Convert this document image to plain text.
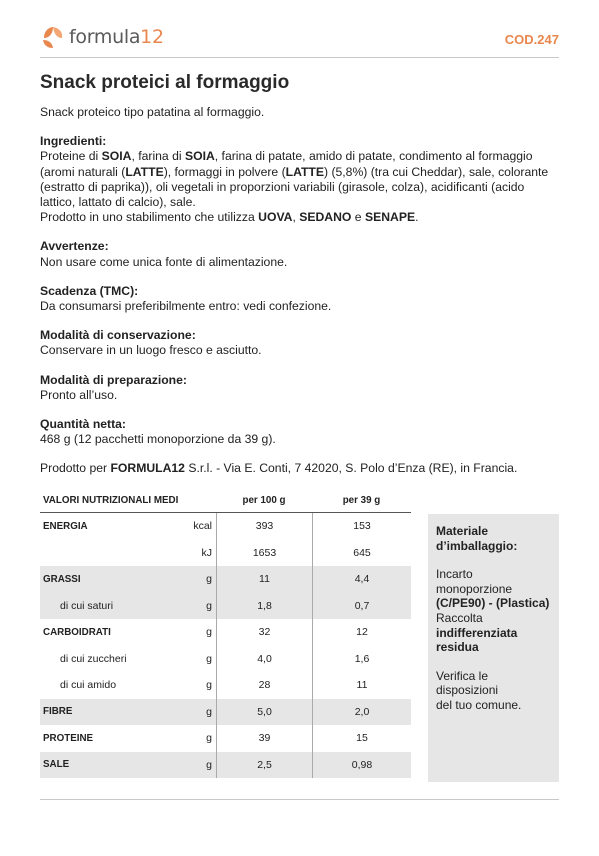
formula12	COD.247
Snack proteici al formaggio

Snack proteico tipo patatina al formaggio.

Ingredienti:

Proteine di SOIA, farina di SOIA, farina di patate, amido di patate, condimento al formaggio (aromi naturali (LATTE), formaggi in polvere (LATTE) (5,8%) (tra cui Cheddar), sale, colorante (estratto di paprika)), oli vegetali in proporzioni variabili (girasole, colza), acidificanti (acido lattico, lattato di calcio), sale.

Prodotto in uno stabilimento che utilizza UOVA, SEDANO e SENAPE.

Avvertenze:

Non usare come unica fonte di alimentazione.

Scadenza (TMC):

Da consumarsi preferibilmente entro: vedi confezione.

Modalità di conservazione:

Conservare in un luogo fresco e asciutto.

Modalità di preparazione:

Pronto all’uso.

Quantità netta:

468 g (12 pacchetti monoporzione da 39 g).

Prodotto per FORMULA12 S.r.l. - Via E. Conti, 7 42020, S. Polo d’Enza (RE), in Francia.

VALORI NUTRIZIONALI MEDI	per 100 g	per 39 g
ENERGIA	kcal	393	153
kJ	1653	645
GRASSI	g	11	4,4
di cui saturi	g	1,8	0,7
CARBOIDRATI	g	32	12
di cui zuccheri	g	4,0	1,6
di cui amido	g	28	11
FIBRE	g	5,0	2,0
PROTEINE	g	39	15
SALE	g	2,5	0,98
Materiale
d’imballaggio:
Incarto
monoporzione
(C/PE90) - (Plastica)
Raccolta
indifferenziata
residua
Verifica le
disposizioni
del tuo comune.
